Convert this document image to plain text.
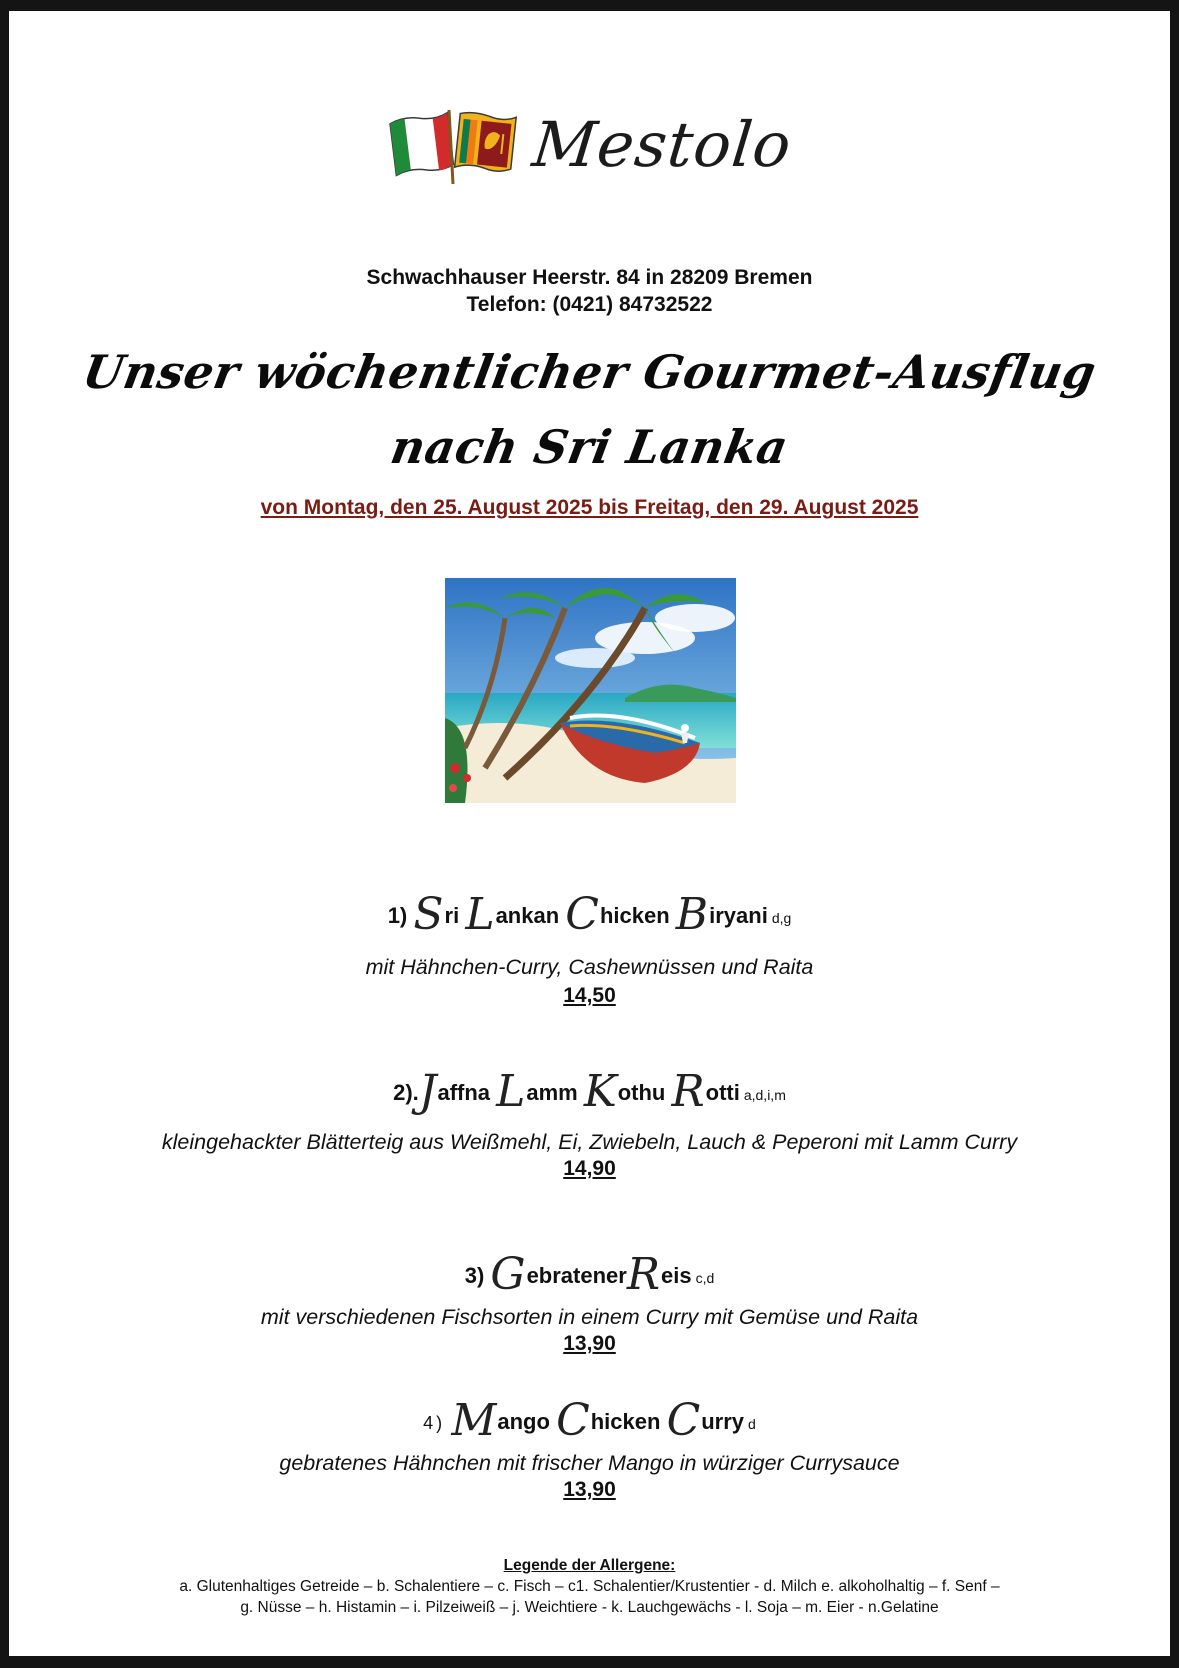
Mestolo
Schwachhauser Heerstr. 84 in 28209 Bremen
Telefon: (0421) 84732522
Unser wöchentlicher Gourmet-Ausflug
nach Sri Lanka
von Montag, den 25. August 2025 bis Freitag, den 29. August 2025
1) Sri Lankan Chicken Biryani d,g
mit Hähnchen-Curry, Cashewnüssen und Raita
14,50
2).Jaffna Lamm Kothu Rotti a,d,i,m
kleingehackter Blätterteig aus Weißmehl, Ei, Zwiebeln, Lauch & Peperoni mit Lamm Curry
14,90
3) GebratenerReis c,d
mit verschiedenen Fischsorten in einem Curry mit Gemüse und Raita
13,90
4) Mango Chicken Curry d
gebratenes Hähnchen mit frischer Mango in würziger Currysauce
13,90
Legende der Allergene:
a. Glutenhaltiges Getreide – b. Schalentiere – c. Fisch – c1. Schalentier/Krustentier - d. Milch e. alkoholhaltig – f. Senf –
g. Nüsse – h. Histamin – i. Pilzeiweiß – j. Weichtiere - k. Lauchgewächs - l. Soja – m. Eier - n.Gelatine
